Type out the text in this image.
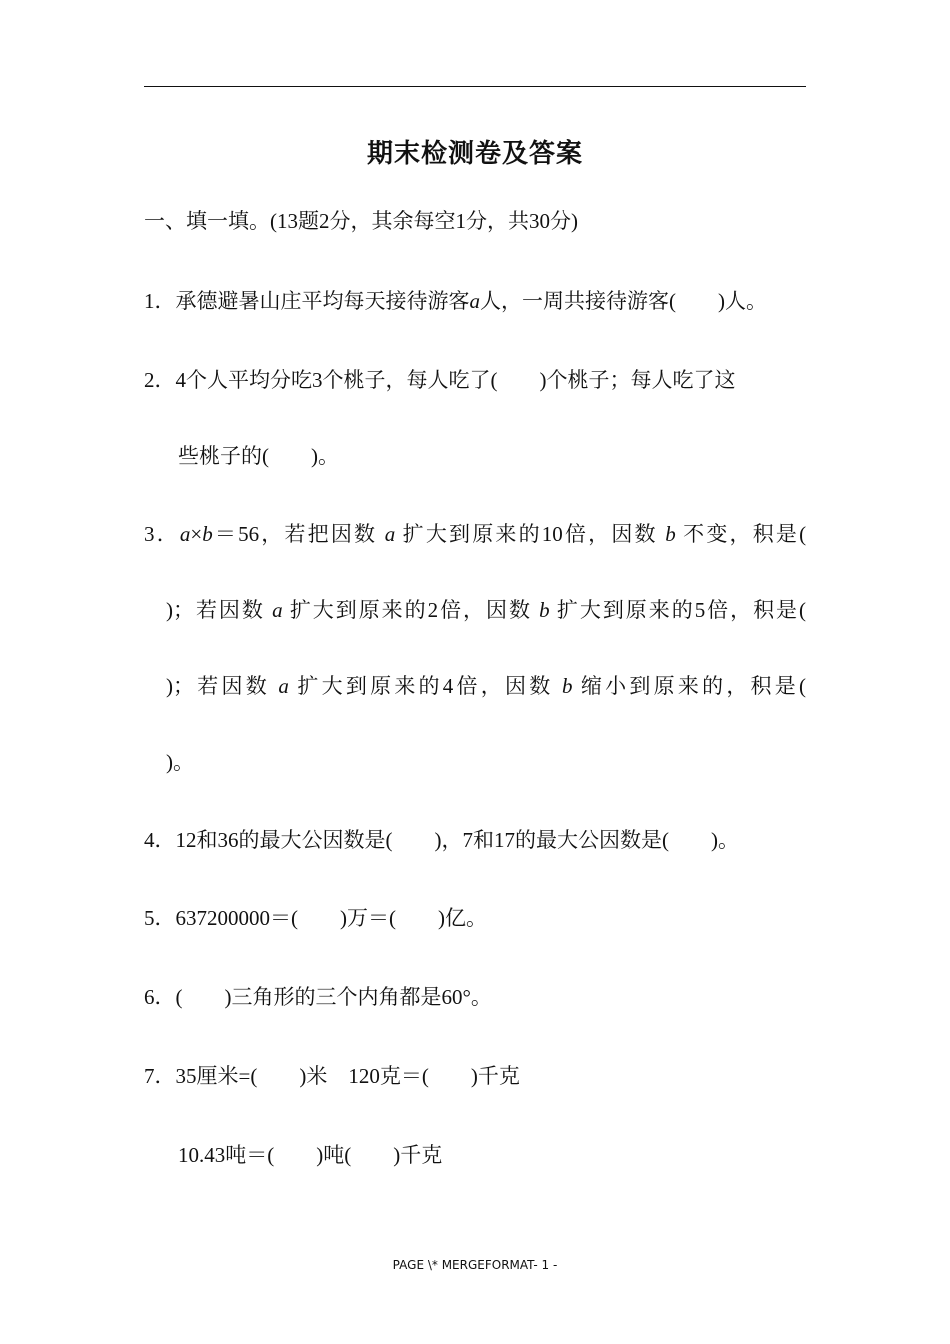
期末检测卷及答案
一、填一填。(13题2分，其余每空1分，共30分)
1．承德避暑山庄平均每天接待游客a人，一周共接待游客(        )人。
2．4个人平均分吃3个桃子，每人吃了(        )个桃子；每人吃了这
些桃子的(        )。
3．a×b＝56，若把因数 a 扩大到原来的10倍，因数 b 不变，积是(
)；若因数 a 扩大到原来的2倍，因数 b 扩大到原来的5倍，积是(
)；若因数 a 扩大到原来的4倍，因数 b 缩小到原来的，积是(
)。
4．12和36的最大公因数是(        )，7和17的最大公因数是(        )。
5．637200000＝(        )万＝(        )亿。
6．(        )三角形的三个内角都是60°。
7．35厘米=(        )米    120克＝(        )千克
10.43吨＝(        )吨(        )千克
PAGE \* MERGEFORMAT- 1 -
